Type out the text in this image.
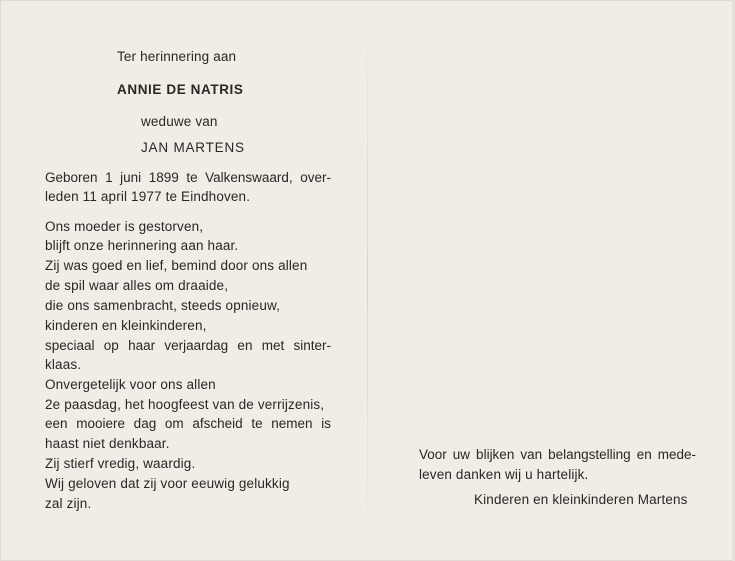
Ter herinnering aan
ANNIE DE NATRIS
weduwe van
JAN MARTENS
Geboren 1 juni 1899 te Valkenswaard, over-
leden 11 april 1977 te Eindhoven.
Ons moeder is gestorven,
blijft onze herinnering aan haar.
Zij was goed en lief, bemind door ons allen
de spil waar alles om draaide,
die ons samenbracht, steeds opnieuw,
kinderen en kleinkinderen,
speciaal op haar verjaardag en met sinter-
klaas.
Onvergetelijk voor ons allen
2e paasdag, het hoogfeest van de verrijzenis,
een mooiere dag om afscheid te nemen is
haast niet denkbaar.
Zij stierf vredig, waardig.
Wij geloven dat zij voor eeuwig gelukkig
zal zijn.
Voor uw blijken van belangstelling en mede-
leven danken wij u hartelijk.
Kinderen en kleinkinderen Martens
